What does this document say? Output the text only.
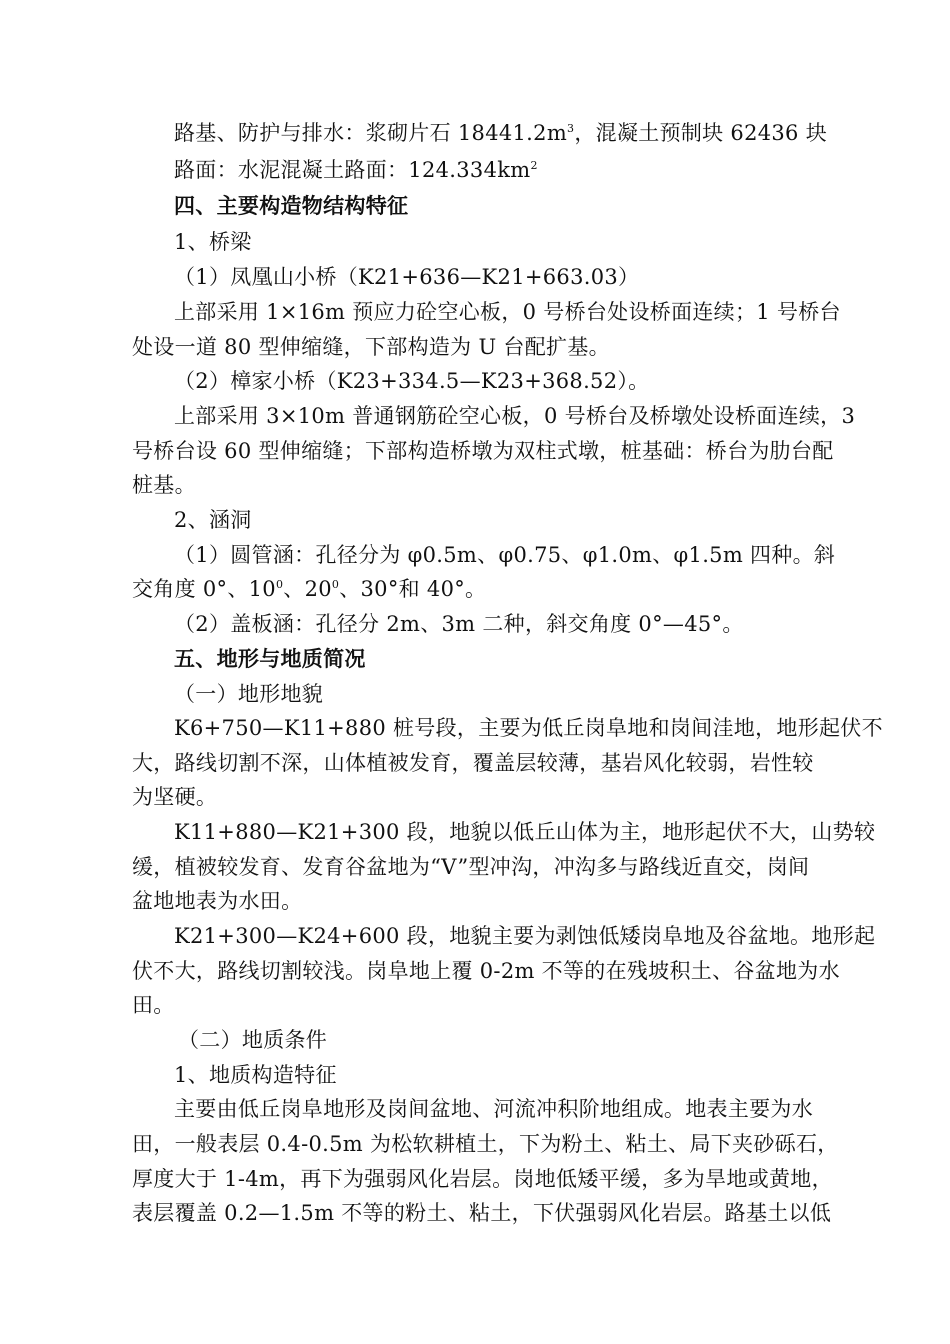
路基、防护与排水：浆砌片石 $18441.2m^3$，混凝土预制块 62436 块
路面：水泥混凝土路面：$124.334km^2$
四、主要构造物结构特征
1、桥梁
（1）凤凰山小桥（K21+636—K21+663.03）
上部采用 1×16m 预应力砼空心板，0 号桥台处设桥面连续；1 号桥台
处设一道 80 型伸缩缝，下部构造为 U 台配扩基。
（2）樟家小桥（K23+334.5—K23+368.52）。
上部采用 3×10m 普通钢筋砼空心板，0 号桥台及桥墩处设桥面连续，3
号桥台设 60 型伸缩缝；下部构造桥墩为双柱式墩，桩基础：桥台为肋台配
桩基。
2、涵洞
（1）圆管涵：孔径分为 φ0.5m、φ0.75、φ1.0m、φ1.5m 四种。斜
交角度 0°、$10^0$、$20^0$、30°和 40°。
（2）盖板涵：孔径分 2m、3m 二种，斜交角度 0°—45°。
五、地形与地质简况
（一）地形地貌
K6+750—K11+880 桩号段，主要为低丘岗阜地和岗间洼地，地形起伏不
大，路线切割不深，山体植被发育，覆盖层较薄，基岩风化较弱，岩性较
为坚硬。
K11+880—K21+300 段，地貌以低丘山体为主，地形起伏不大，山势较
缓，植被较发育、发育谷盆地为“V”型冲沟，冲沟多与路线近直交，岗间
盆地地表为水田。
K21+300—K24+600 段，地貌主要为剥蚀低矮岗阜地及谷盆地。地形起
伏不大，路线切割较浅。岗阜地上覆 0-2m 不等的在残坡积土、谷盆地为水
田。
（二）地质条件
1、地质构造特征
主要由低丘岗阜地形及岗间盆地、河流冲积阶地组成。地表主要为水
田，一般表层 0.4-0.5m 为松软耕植土，下为粉土、粘土、局下夹砂砾石，
厚度大于 1-4m，再下为强弱风化岩层。岗地低矮平缓，多为旱地或黄地，
表层覆盖 0.2—1.5m 不等的粉土、粘土，下伏强弱风化岩层。路基土以低
